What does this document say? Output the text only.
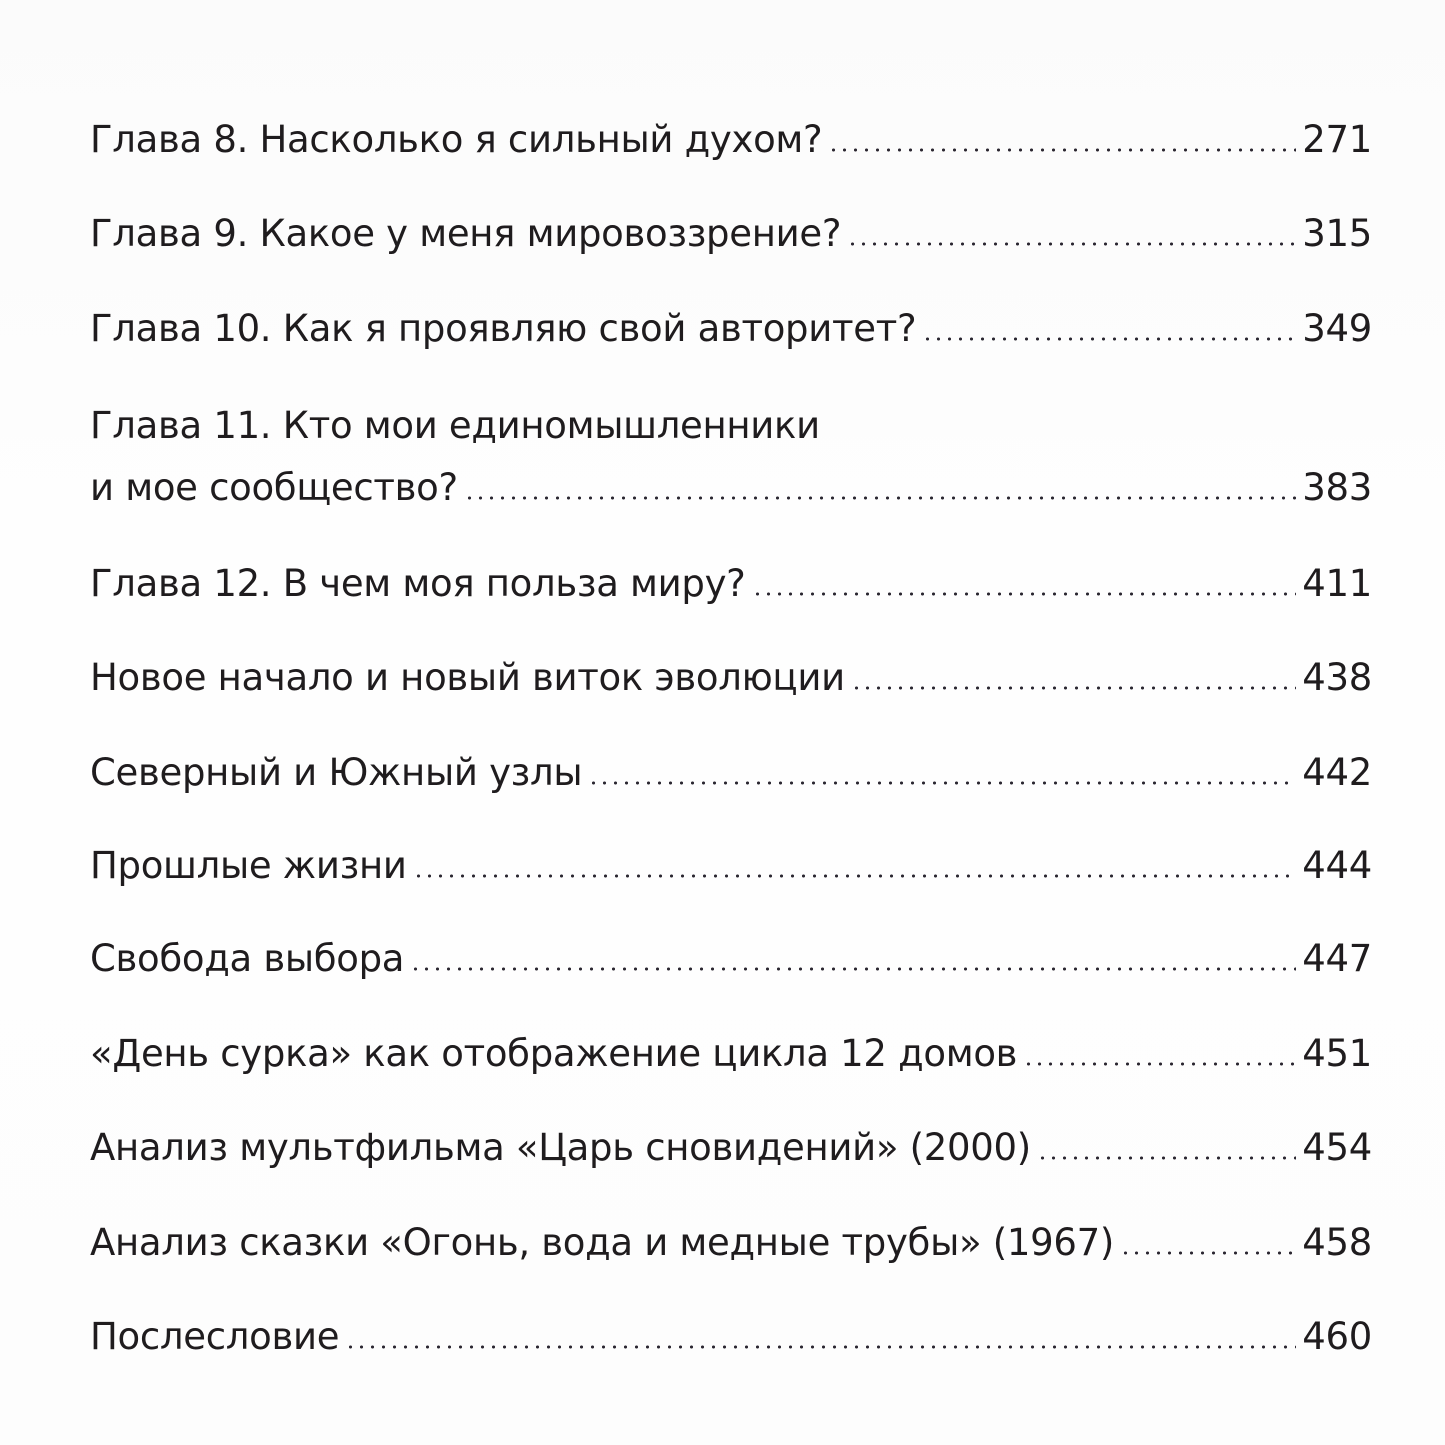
Глава 8. Насколько я сильный духом?	271
Глава 9. Какое у меня мировоззрение?	315
Глава 10. Как я проявляю свой авторитет?	349
Глава 11. Кто мои единомышленники
и мое сообщество?	383
Глава 12. В чем моя польза миру?	411
Новое начало и новый виток эволюции	438
Северный и Южный узлы	442
Прошлые жизни	444
Свобода выбора	447
«День сурка» как отображение цикла 12 домов	451
Анализ мультфильма «Царь сновидений» (2000)	454
Анализ сказки «Огонь, вода и медные трубы» (1967)	458
Послесловие	460
